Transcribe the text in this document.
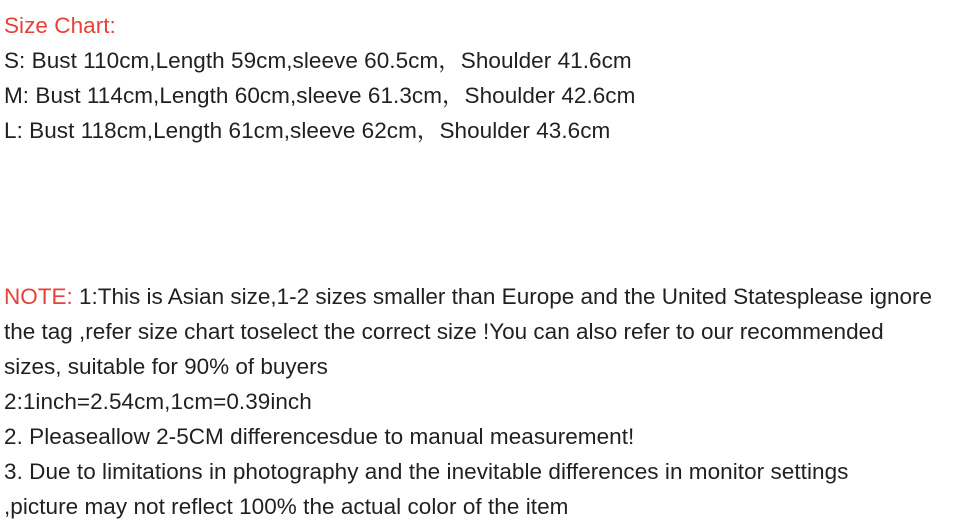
Size Chart:
S: Bust 110cm,Length 59cm,sleeve 60.5cm，Shoulder 41.6cm
M: Bust 114cm,Length 60cm,sleeve 61.3cm，Shoulder 42.6cm
L: Bust 118cm,Length 61cm,sleeve 62cm，Shoulder 43.6cm

NOTE: 1:This is Asian size,1-2 sizes smaller than Europe and the United Statesplease ignore the tag ,refer size chart toselect the correct size !You can also refer to our recommended sizes, suitable for 90% of buyers

2:1inch=2.54cm,1cm=0.39inch
2. Pleaseallow 2-5CM differencesdue to manual measurement!
3. Due to limitations in photography and the inevitable differences in monitor settings
,picture may not reflect 100% the actual color of the item
